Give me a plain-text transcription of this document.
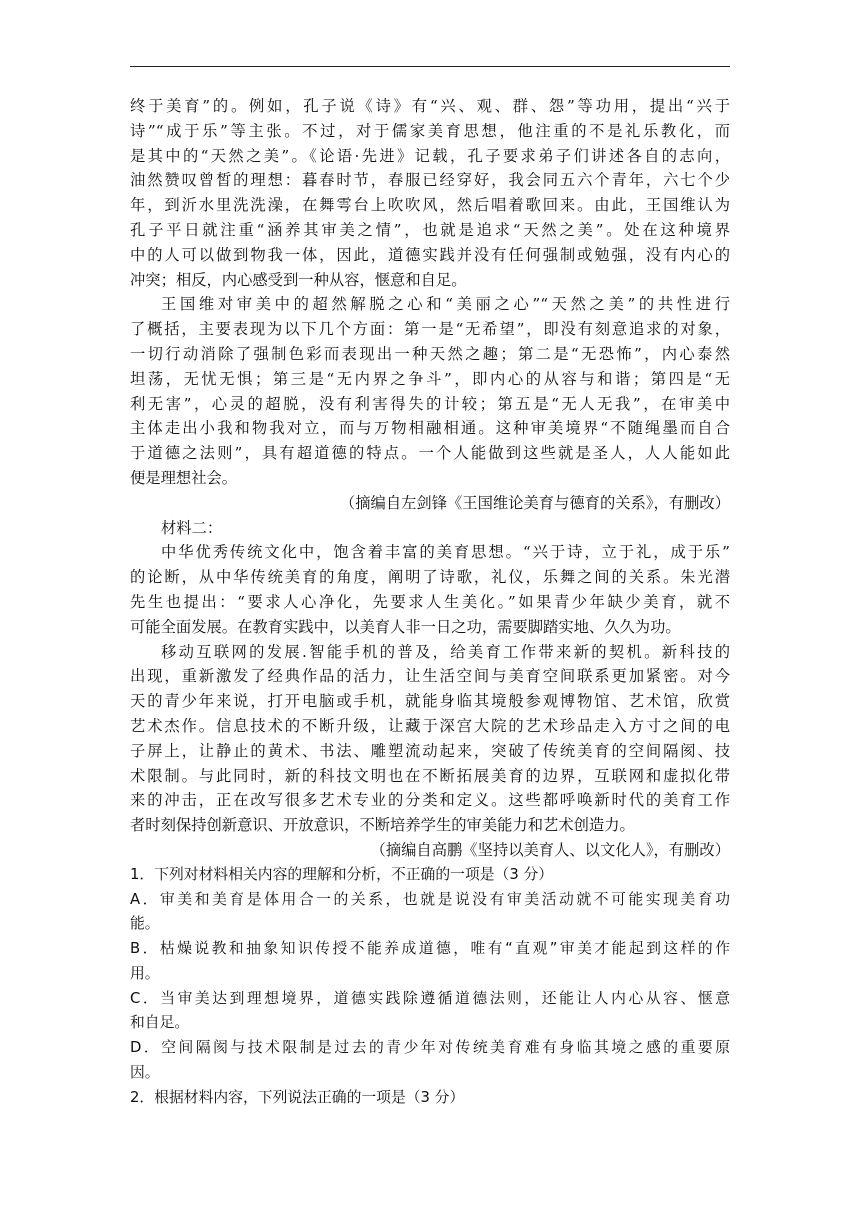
终于美育”的。例如，孔子说《诗》有“兴、观、群、怨”等功用，提出“兴于
诗”“成于乐”等主张。不过，对于儒家美育思想，他注重的不是礼乐教化，而
是其中的“天然之美”。《论语·先进》记载，孔子要求弟子们讲述各自的志向，
油然赞叹曾皙的理想：暮春时节，春服已经穿好，我会同五六个青年，六七个少
年，到沂水里洗洗澡，在舞雩台上吹吹风，然后唱着歌回来。由此，王国维认为
孔子平日就注重“涵养其审美之情”，也就是追求“天然之美”。处在这种境界
中的人可以做到物我一体，因此，道德实践并没有任何强制或勉强，没有内心的
冲突；相反，内心感受到一种从容，惬意和自足。
王国维对审美中的超然解脱之心和“美丽之心”“天然之美”的共性进行
了概括，主要表现为以下几个方面：第一是“无希望”，即没有刻意追求的对象，
一切行动消除了强制色彩而表现出一种天然之趣；第二是“无恐怖”，内心泰然
坦荡，无忧无惧；第三是“无内界之争斗”，即内心的从容与和谐；第四是“无
利无害”，心灵的超脱，没有利害得失的计较；第五是“无人无我”，在审美中
主体走出小我和物我对立，而与万物相融相通。这种审美境界“不随绳墨而自合
于道德之法则”，具有超道德的特点。一个人能做到这些就是圣人，人人能如此
便是理想社会。
（摘编自左剑锋《王国维论美育与德育的关系》，有删改）
材料二：
中华优秀传统文化中，饱含着丰富的美育思想。“兴于诗，立于礼，成于乐”
的论断，从中华传统美育的角度，阐明了诗歌，礼仪，乐舞之间的关系。朱光潜
先生也提出：“要求人心净化，先要求人生美化。”如果青少年缺少美育，就不
可能全面发展。在教育实践中，以美育人非一日之功，需要脚踏实地、久久为功。
移动互联网的发展.智能手机的普及，给美育工作带来新的契机。新科技的
出现，重新激发了经典作品的活力，让生活空间与美育空间联系更加紧密。对今
天的青少年来说，打开电脑或手机，就能身临其境般参观博物馆、艺术馆，欣赏
艺术杰作。信息技术的不断升级，让藏于深宫大院的艺术珍品走入方寸之间的电
子屏上，让静止的黄术、书法、雕塑流动起来，突破了传统美育的空间隔阂、技
术限制。与此同时，新的科技文明也在不断拓展美育的边界，互联网和虚拟化带
来的冲击，正在改写很多艺术专业的分类和定义。这些都呼唤新时代的美育工作
者时刻保持创新意识、开放意识，不断培养学生的审美能力和艺术创造力。
（摘编自高鹏《坚持以美育人、以文化人》，有删改）
1．下列对材料相关内容的理解和分析，不正确的一项是（3 分）
A．审美和美育是体用合一的关系，也就是说没有审美活动就不可能实现美育功
能。
B．枯燥说教和抽象知识传授不能养成道德，唯有“直观”审美才能起到这样的作
用。
C．当审美达到理想境界，道德实践除遵循道德法则，还能让人内心从容、惬意
和自足。
D．空间隔阂与技术限制是过去的青少年对传统美育难有身临其境之感的重要原
因。
2．根据材料内容，下列说法正确的一项是（3 分）
